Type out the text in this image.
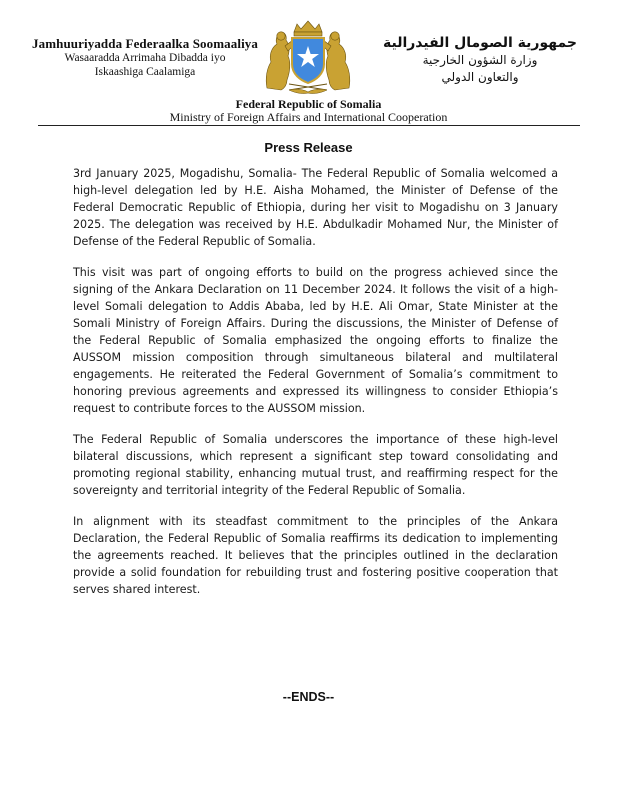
Jamhuuriyadda Federaalka Soomaaliya
Wasaaradda Arrimaha Dibadda iyo
Iskaashiga Caalamiga
جمهورية الصومال الفيدرالية
وزارة الشؤون الخارجية
والتعاون الدولي
Federal Republic of Somalia
Ministry of Foreign Affairs and International Cooperation
Press Release

3rd January 2025, Mogadishu, Somalia- The Federal Republic of Somalia welcomed a high-level delegation led by H.E. Aisha Mohamed, the Minister of Defense of the Federal Democratic Republic of Ethiopia, during her visit to Mogadishu on 3 January 2025. The delegation was received by H.E. Abdulkadir Mohamed Nur, the Minister of Defense of the Federal Republic of Somalia.

This visit was part of ongoing efforts to build on the progress achieved since the signing of the Ankara Declaration on 11 December 2024. It follows the visit of a high-level Somali delegation to Addis Ababa, led by H.E. Ali Omar, State Minister at the Somali Ministry of Foreign Affairs. During the discussions, the Minister of Defense of the Federal Republic of Somalia emphasized the ongoing efforts to finalize the AUSSOM mission composition through simultaneous bilateral and multilateral engagements. He reiterated the Federal Government of Somalia’s commitment to honoring previous agreements and expressed its willingness to consider Ethiopia’s request to contribute forces to the AUSSOM mission.

The Federal Republic of Somalia underscores the importance of these high-level bilateral discussions, which represent a significant step toward consolidating and promoting regional stability, enhancing mutual trust, and reaffirming respect for the sovereignty and territorial integrity of the Federal Republic of Somalia.

In alignment with its steadfast commitment to the principles of the Ankara Declaration, the Federal Republic of Somalia reaffirms its dedication to implementing the agreements reached. It believes that the principles outlined in the declaration provide a solid foundation for rebuilding trust and fostering positive cooperation that serves shared interest.

--ENDS--
